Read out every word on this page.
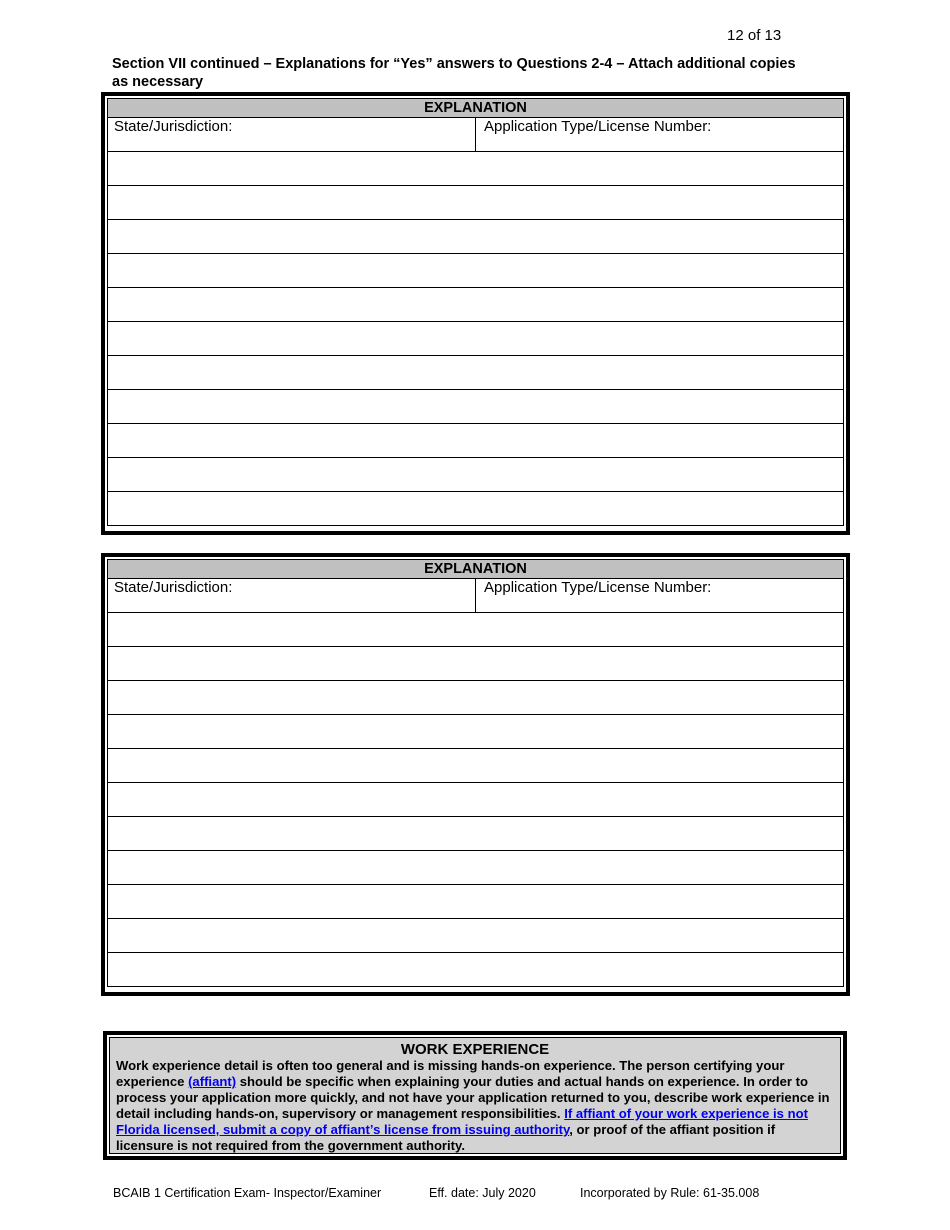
12 of 13
Section VII continued – Explanations for “Yes” answers to Questions 2-4 – Attach additional copies as necessary
EXPLANATION
State/Jurisdiction:	Application Type/License Number:
EXPLANATION
State/Jurisdiction:	Application Type/License Number:
WORK EXPERIENCE
Work experience detail is often too general and is missing hands-on experience. The person certifying your experience (affiant) should be specific when explaining your duties and actual hands on experience. In order to process your application more quickly, and not have your application returned to you, describe work experience in detail including hands-on, supervisory or management responsibilities. If affiant of your work experience is not Florida licensed, submit a copy of affiant’s license from issuing authority, or proof of the affiant position if licensure is not required from the government authority.
BCAIB 1 Certification Exam- Inspector/Examiner	Eff. date: July 2020	Incorporated by Rule: 61-35.008
